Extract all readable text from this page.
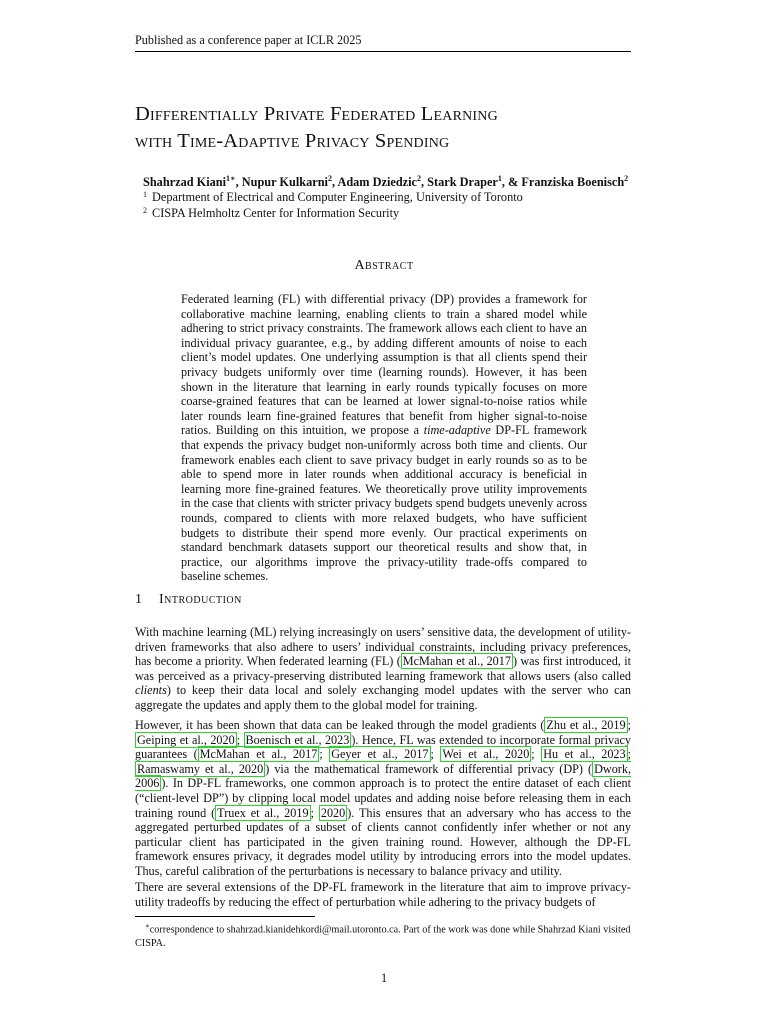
Published as a conference paper at ICLR 2025
Differentially Private Federated Learning
with Time-Adaptive Privacy Spending
Shahrzad Kiani$^{1∗}$, Nupur Kulkarni$^2$, Adam Dziedzic$^2$, Stark Draper$^1$, & Franziska Boenisch$^2$
$^1$ Department of Electrical and Computer Engineering, University of Toronto
$^2$ CISPA Helmholtz Center for Information Security
Abstract
Federated learning (FL) with differential privacy (DP) provides a framework for collaborative machine learning, enabling clients to train a shared model while adhering to strict privacy constraints. The framework allows each client to have an individual privacy guarantee, e.g., by adding different amounts of noise to each client’s model updates. One underlying assumption is that all clients spend their privacy budgets uniformly over time (learning rounds). However, it has been shown in the literature that learning in early rounds typically focuses on more coarse-grained features that can be learned at lower signal-to-noise ratios while later rounds learn fine-grained features that benefit from higher signal-to-noise ratios. Building on this intuition, we propose a time-adaptive DP-FL framework that expends the privacy budget non-uniformly across both time and clients. Our framework enables each client to save privacy budget in early rounds so as to be able to spend more in later rounds when additional accuracy is beneficial in learning more fine-grained features. We theoretically prove utility improvements in the case that clients with stricter privacy budgets spend budgets unevenly across rounds, compared to clients with more relaxed budgets, who have sufficient budgets to distribute their spend more evenly. Our practical experiments on standard benchmark datasets support our theoretical results and show that, in practice, our algorithms improve the privacy-utility trade-offs compared to baseline schemes.
1 Introduction
With machine learning (ML) relying increasingly on users’ sensitive data, the development of utility-driven frameworks that also adhere to users’ individual constraints, including privacy preferences, has become a priority. When federated learning (FL) ( McMahan et al., 2017 ) was first introduced, it was perceived as a privacy-preserving distributed learning framework that allows users (also called clients) to keep their data local and solely exchanging model updates with the server who can aggregate the updates and apply them to the global model for training.
However, it has been shown that data can be leaked through the model gradients ( Zhu et al., 2019 ; Geiping et al., 2020 ; Boenisch et al., 2023 ). Hence, FL was extended to incorporate formal privacy guarantees ( McMahan et al., 2017 ; Geyer et al., 2017 ; Wei et al., 2020 ; Hu et al., 2023 ; Ramaswamy et al., 2020 ) via the mathematical framework of differential privacy (DP) ( Dwork, 2006 ). In DP-FL frameworks, one common approach is to protect the entire dataset of each client (“client-level DP”) by clipping local model updates and adding noise before releasing them in each training round ( Truex et al., 2019 ; 2020 ). This ensures that an adversary who has access to the aggregated perturbed updates of a subset of clients cannot confidently infer whether or not any particular client has participated in the given training round. However, although the DP-FL framework ensures privacy, it degrades model utility by introducing errors into the model updates. Thus, careful calibration of the perturbations is necessary to balance privacy and utility.
There are several extensions of the DP-FL framework in the literature that aim to improve privacy-utility tradeoffs by reducing the effect of perturbation while adhering to the privacy budgets of
∗correspondence to shahrzad.kianidehkordi@mail.utoronto.ca. Part of the work was done while Shahrzad Kiani visited CISPA.
1
